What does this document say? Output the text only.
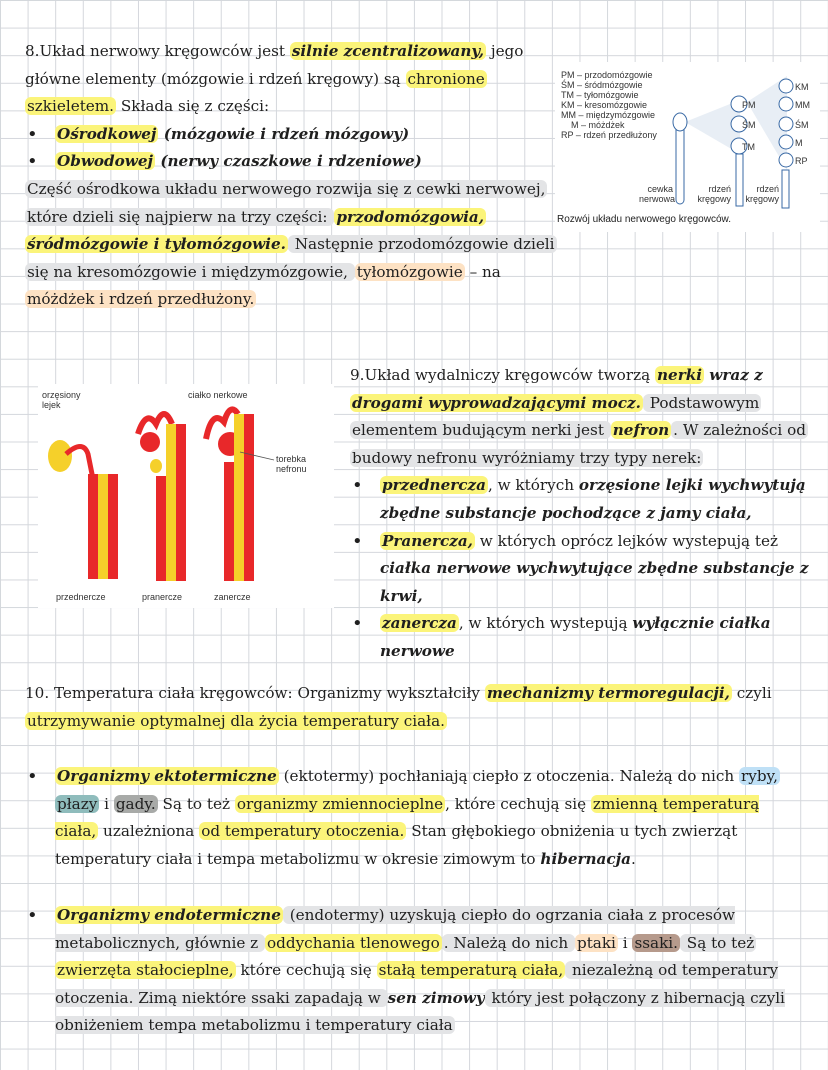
8.Układ nerwowy kręgowców jest silnie zcentralizowany, jego
główne elementy (mózgowie i rdzeń kręgowy) są chronione
szkieletem. Składa się z części:
• Ośrodkowej (mózgowie i rdzeń mózgowy)
• Obwodowej (nerwy czaszkowe i rdzeniowe)
Część ośrodkowa układu nerwowego rozwija się z cewki nerwowej,
które dzieli się najpierw na trzy części: przodomózgowia,
śródmózgowie i tyłomózgowie. Następnie przodomózgowie dzieli
się na kresomózgowie i międzymózgowie, tyłomózgowie – na
móżdżek i rdzeń przedłużony.
PM – przodomózgowie
ŚM – śródmózgowie
TM – tyłomózgowie
KM – kresomózgowie
MM – międzymózgowie
M – móżdżek
RP – rdzeń przedłużony
PM
ŚM
TM
KM
MM
ŚM
M
RP
cewka nerwowa
rdzeń kręgowy
rdzeń kręgowy
Rozwój układu nerwowego kręgowców.
orzęsiony lejek
ciałko nerkowe
torebka nefronu
przednercze	pranercze	zanercze
9.Układ wydalniczy kręgowców tworzą nerki wraz z
drogami wyprowadzającymi mocz. Podstawowym
elementem budującym nerki jest nefron . W zależności od
budowy nefronu wyróżniamy trzy typy nerek:
• przednercza , w których orzęsione lejki wychwytują zbędne substancje pochodzące z jamy ciała,
• Pranercza, w których oprócz lejków wystepują też ciałka nerwowe wychwytujące zbędne substancje z krwi,
• zanercza , w których wystepują wyłącznie ciałka nerwowe
10. Temperatura ciała kręgowców: Organizmy wykształciły mechanizmy termoregulacji, czyli
utrzymywanie optymalnej dla życia temperatury ciała.
• Organizmy ektotermiczne (ektotermy) pochłaniają ciepło z otoczenia. Należą do nich ryby, płazy i gady. Są to też organizmy zmiennocieplne , które cechują się zmienną temperaturą ciała, uzależniona od temperatury otoczenia. Stan głębokiego obniżenia u tych zwierząt temperatury ciała i tempa metabolizmu w okresie zimowym to hibernacja.
• Organizmy endotermiczne (endotermy) uzyskują ciepło do ogrzania ciała z procesów metabolicznych, głównie z oddychania tlenowego . Należą do nich ptaki i ssaki. Są to też zwierzęta stałocieplne, które cechują się stałą temperaturą ciała, niezależną od temperatury otoczenia. Zimą niektóre ssaki zapadają w sen zimowy który jest połączony z hibernacją czyli obniżeniem tempa metabolizmu i temperatury ciała
